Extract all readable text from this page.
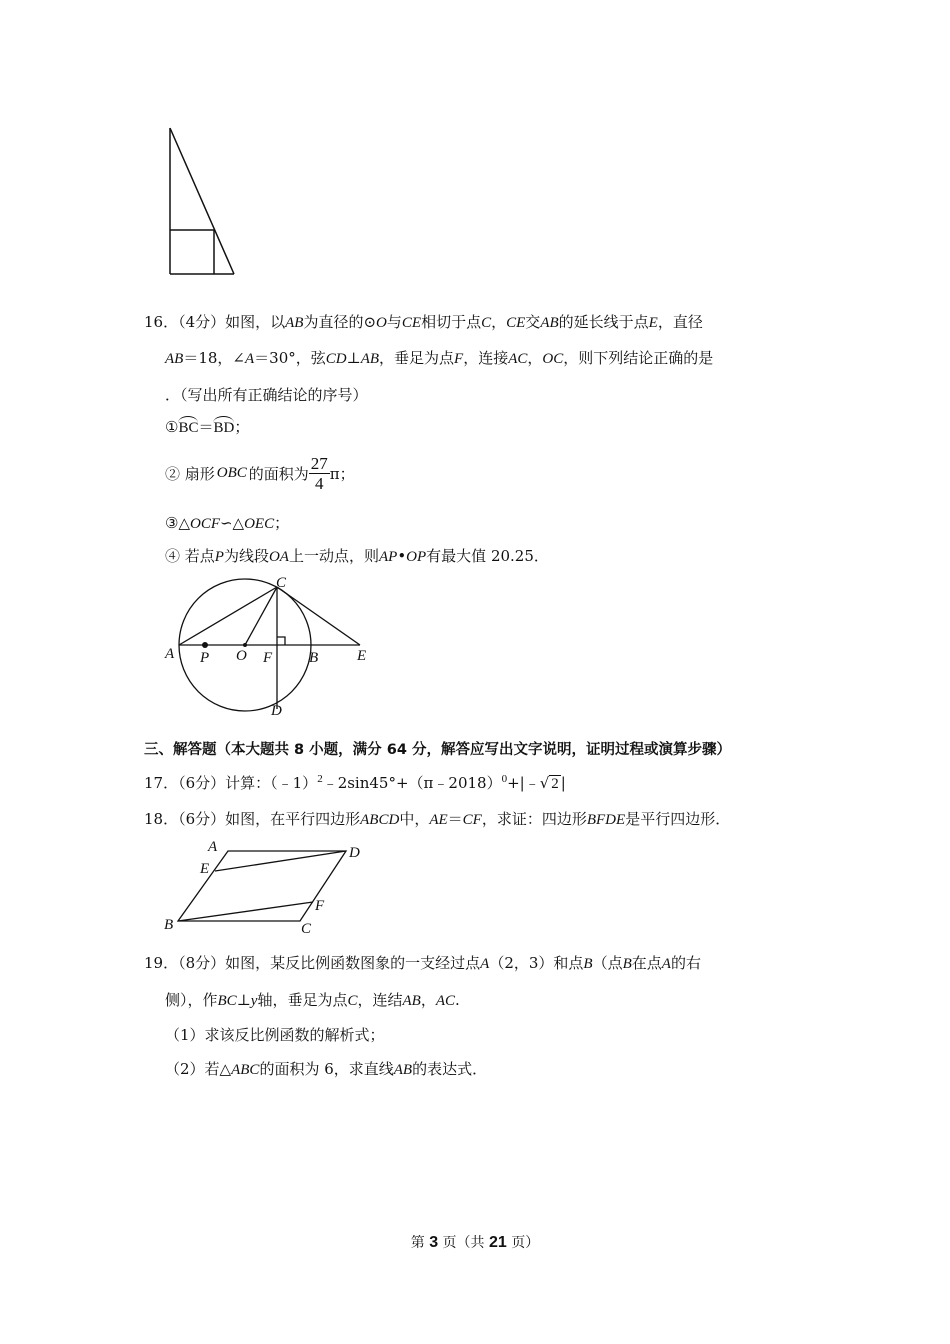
16．（4分）如图，以AB为直径的⊙O与CE相切于点C，CE交AB的延长线于点E，直径
AB＝18，∠A＝30°，弦CD⊥AB，垂足为点F，连接AC，OC，则下列结论正确的是
．（写出所有正确结论的序号）
①BC＝BD；
② 扇形 OBC 的面积为 $\frac{27}{4}$ π；
③△OCF∽△OEC；
④ 若点P为线段OA上一动点，则AP•OP有最大值 20.25．
A P O F B	E
C
D
三、解答题（本大题共 8 小题，满分 64 分，解答应写出文字说明，证明过程或演算步骤）
17．（6分）计算：（﹣1）$^2$﹣2sin45°+（π﹣2018）$^0$+|﹣√ 2 |
18．（6分）如图，在平行四边形ABCD中，AE＝CF，求证：四边形BFDE是平行四边形．
A	D
E
F
B	C
19．（8分）如图，某反比例函数图象的一支经过点A（2，3）和点B（点B在点A的右
侧），作BC⊥y轴，垂足为点C，连结AB，AC.
（1）求该反比例函数的解析式；
（2）若△ABC的面积为 6，求直线AB的表达式．
第 3 页（共 21 页）
